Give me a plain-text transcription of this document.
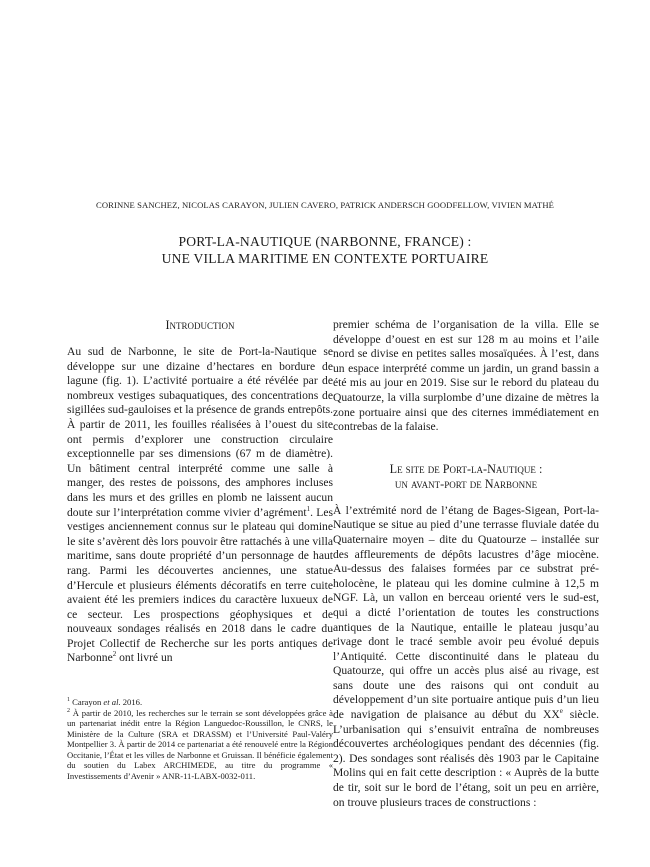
CORINNE SANCHEZ, NICOLAS CARAYON, JULIEN CAVERO, PATRICK ANDERSCH GOODFELLOW, VIVIEN MATHÉ
PORT-LA-NAUTIQUE (NARBONNE, FRANCE) :
UNE VILLA MARITIME EN CONTEXTE PORTUAIRE
Introduction

Au sud de Narbonne, le site de Port-la-Nautique se développe sur une dizaine d’hectares en bordure de lagune (fig. 1). L’activité portuaire a été révélée par de nombreux vestiges subaquatiques, des concentrations de sigillées sud-gauloises et la présence de grands entrepôts. À partir de 2011, les fouilles réalisées à l’ouest du site ont permis d’explorer une construction circulaire exceptionnelle par ses dimensions (67 m de diamètre). Un bâtiment central interprété comme une salle à manger, des restes de poissons, des amphores incluses dans les murs et des grilles en plomb ne laissent aucun doute sur l’interprétation comme vivier d’agrément$^1$. Les vestiges anciennement connus sur le plateau qui domine le site s’avèrent dès lors pouvoir être rattachés à une villa maritime, sans doute propriété d’un personnage de haut rang. Parmi les découvertes anciennes, une statue d’Hercule et plusieurs éléments décoratifs en terre cuite avaient été les premiers indices du caractère luxueux de ce secteur. Les prospections géophysiques et de nouveaux sondages réalisés en 2018 dans le cadre du Projet Collectif de Recherche sur les ports antiques de Narbonne$^2$ ont livré un

$^1$ Carayon et al. 2016.

$^2$ À partir de 2010, les recherches sur le terrain se sont développées grâce à un partenariat inédit entre la Région Languedoc-Roussillon, le CNRS, le Ministère de la Culture (SRA et DRASSM) et l’Université Paul-Valéry Montpellier 3. À partir de 2014 ce partenariat a été renouvelé entre la Région Occitanie, l’État et les villes de Narbonne et Gruissan. Il bénéficie également du soutien du Labex ARCHIMEDE, au titre du programme « Investissements d’Avenir » ANR-11-LABX-0032-011.

premier schéma de l’organisation de la villa. Elle se développe d’ouest en est sur 128 m au moins et l’aile nord se divise en petites salles mosaïquées. À l’est, dans un espace interprété comme un jardin, un grand bassin a été mis au jour en 2019. Sise sur le rebord du plateau du Quatourze, la villa surplombe d’une dizaine de mètres la zone portuaire ainsi que des citernes immédiatement en contrebas de la falaise.

Le site de Port-la-Nautique :
un avant-port de Narbonne

À l’extrémité nord de l’étang de Bages-Sigean, Port-la-Nautique se situe au pied d’une terrasse fluviale datée du Quaternaire moyen – dite du Quatourze – installée sur des affleurements de dépôts lacustres d’âge miocène. Au-dessus des falaises formées par ce substrat pré-holocène, le plateau qui les domine culmine à 12,5 m NGF. Là, un vallon en berceau orienté vers le sud-est, qui a dicté l’orientation de toutes les constructions antiques de la Nautique, entaille le plateau jusqu’au rivage dont le tracé semble avoir peu évolué depuis l’Antiquité. Cette discontinuité dans le plateau du Quatourze, qui offre un accès plus aisé au rivage, est sans doute une des raisons qui ont conduit au développement d’un site portuaire antique puis d’un lieu de navigation de plaisance au début du XXe siècle. L’urbanisation qui s’ensuivit entraîna de nombreuses découvertes archéologiques pendant des décennies (fig. 2). Des sondages sont réalisés dès 1903 par le Capitaine Molins qui en fait cette description : « Auprès de la butte de tir, soit sur le bord de l’étang, soit un peu en arrière, on trouve plusieurs traces de constructions :
